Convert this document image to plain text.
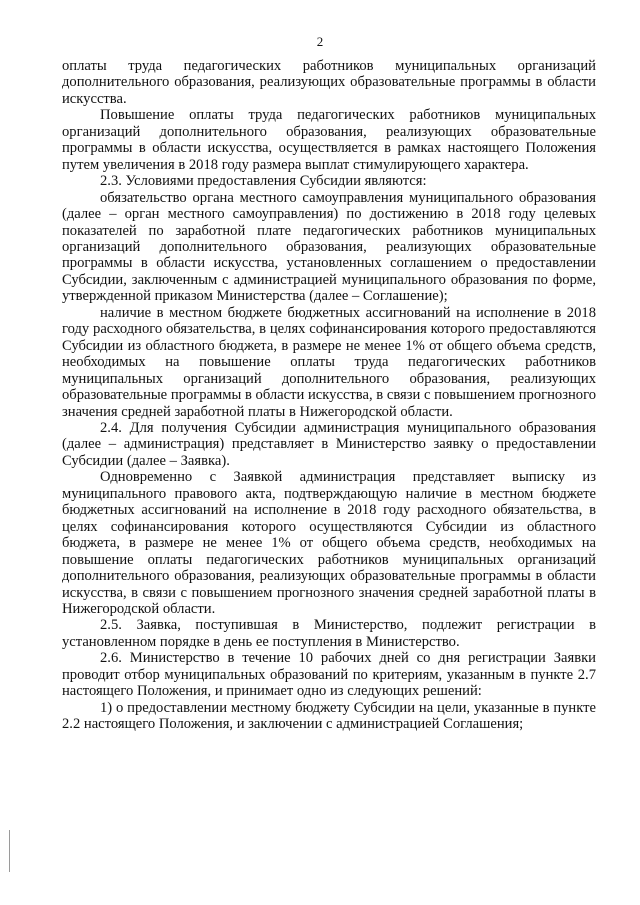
2

оплаты труда педагогических работников муниципальных организаций дополнительного образования, реализующих образовательные программы в области искусства.

Повышение оплаты труда педагогических работников муниципальных организаций дополнительного образования, реализующих образовательные программы в области искусства, осуществляется в рамках настоящего Положения путем увеличения в 2018 году размера выплат стимулирующего характера.

2.3. Условиями предоставления Субсидии являются:

обязательство органа местного самоуправления муниципального образования (далее – орган местного самоуправления) по достижению в 2018 году целевых показателей по заработной плате педагогических работников муниципальных организаций дополнительного образования, реализующих образовательные программы в области искусства, установленных соглашением о предоставлении Субсидии, заключенным с администрацией муниципального образования по форме, утвержденной приказом Министерства (далее – Соглашение);

наличие в местном бюджете бюджетных ассигнований на исполнение в 2018 году расходного обязательства, в целях софинансирования которого предоставляются Субсидии из областного бюджета, в размере не менее 1% от общего объема средств, необходимых на повышение оплаты труда педагогических работников муниципальных организаций дополнительного образования, реализующих образовательные программы в области искусства, в связи с повышением прогнозного значения средней заработной платы в Нижегородской области.

2.4. Для получения Субсидии администрация муниципального образования (далее – администрация) представляет в Министерство заявку о предоставлении Субсидии (далее – Заявка).

Одновременно с Заявкой администрация представляет выписку из муниципального правового акта, подтверждающую наличие в местном бюджете бюджетных ассигнований на исполнение в 2018 году расходного обязательства, в целях софинансирования которого осуществляются Субсидии из областного бюджета, в размере не менее 1% от общего объема средств, необходимых на повышение оплаты педагогических работников муниципальных организаций дополнительного образования, реализующих образовательные программы в области искусства, в связи с повышением прогнозного значения средней заработной платы в Нижегородской области.

2.5. Заявка, поступившая в Министерство, подлежит регистрации в установленном порядке в день ее поступления в Министерство.

2.6. Министерство в течение 10 рабочих дней со дня регистрации Заявки проводит отбор муниципальных образований по критериям, указанным в пункте 2.7 настоящего Положения, и принимает одно из следующих решений:

1) о предоставлении местному бюджету Субсидии на цели, указанные в пункте 2.2 настоящего Положения, и заключении с администрацией Соглашения;
